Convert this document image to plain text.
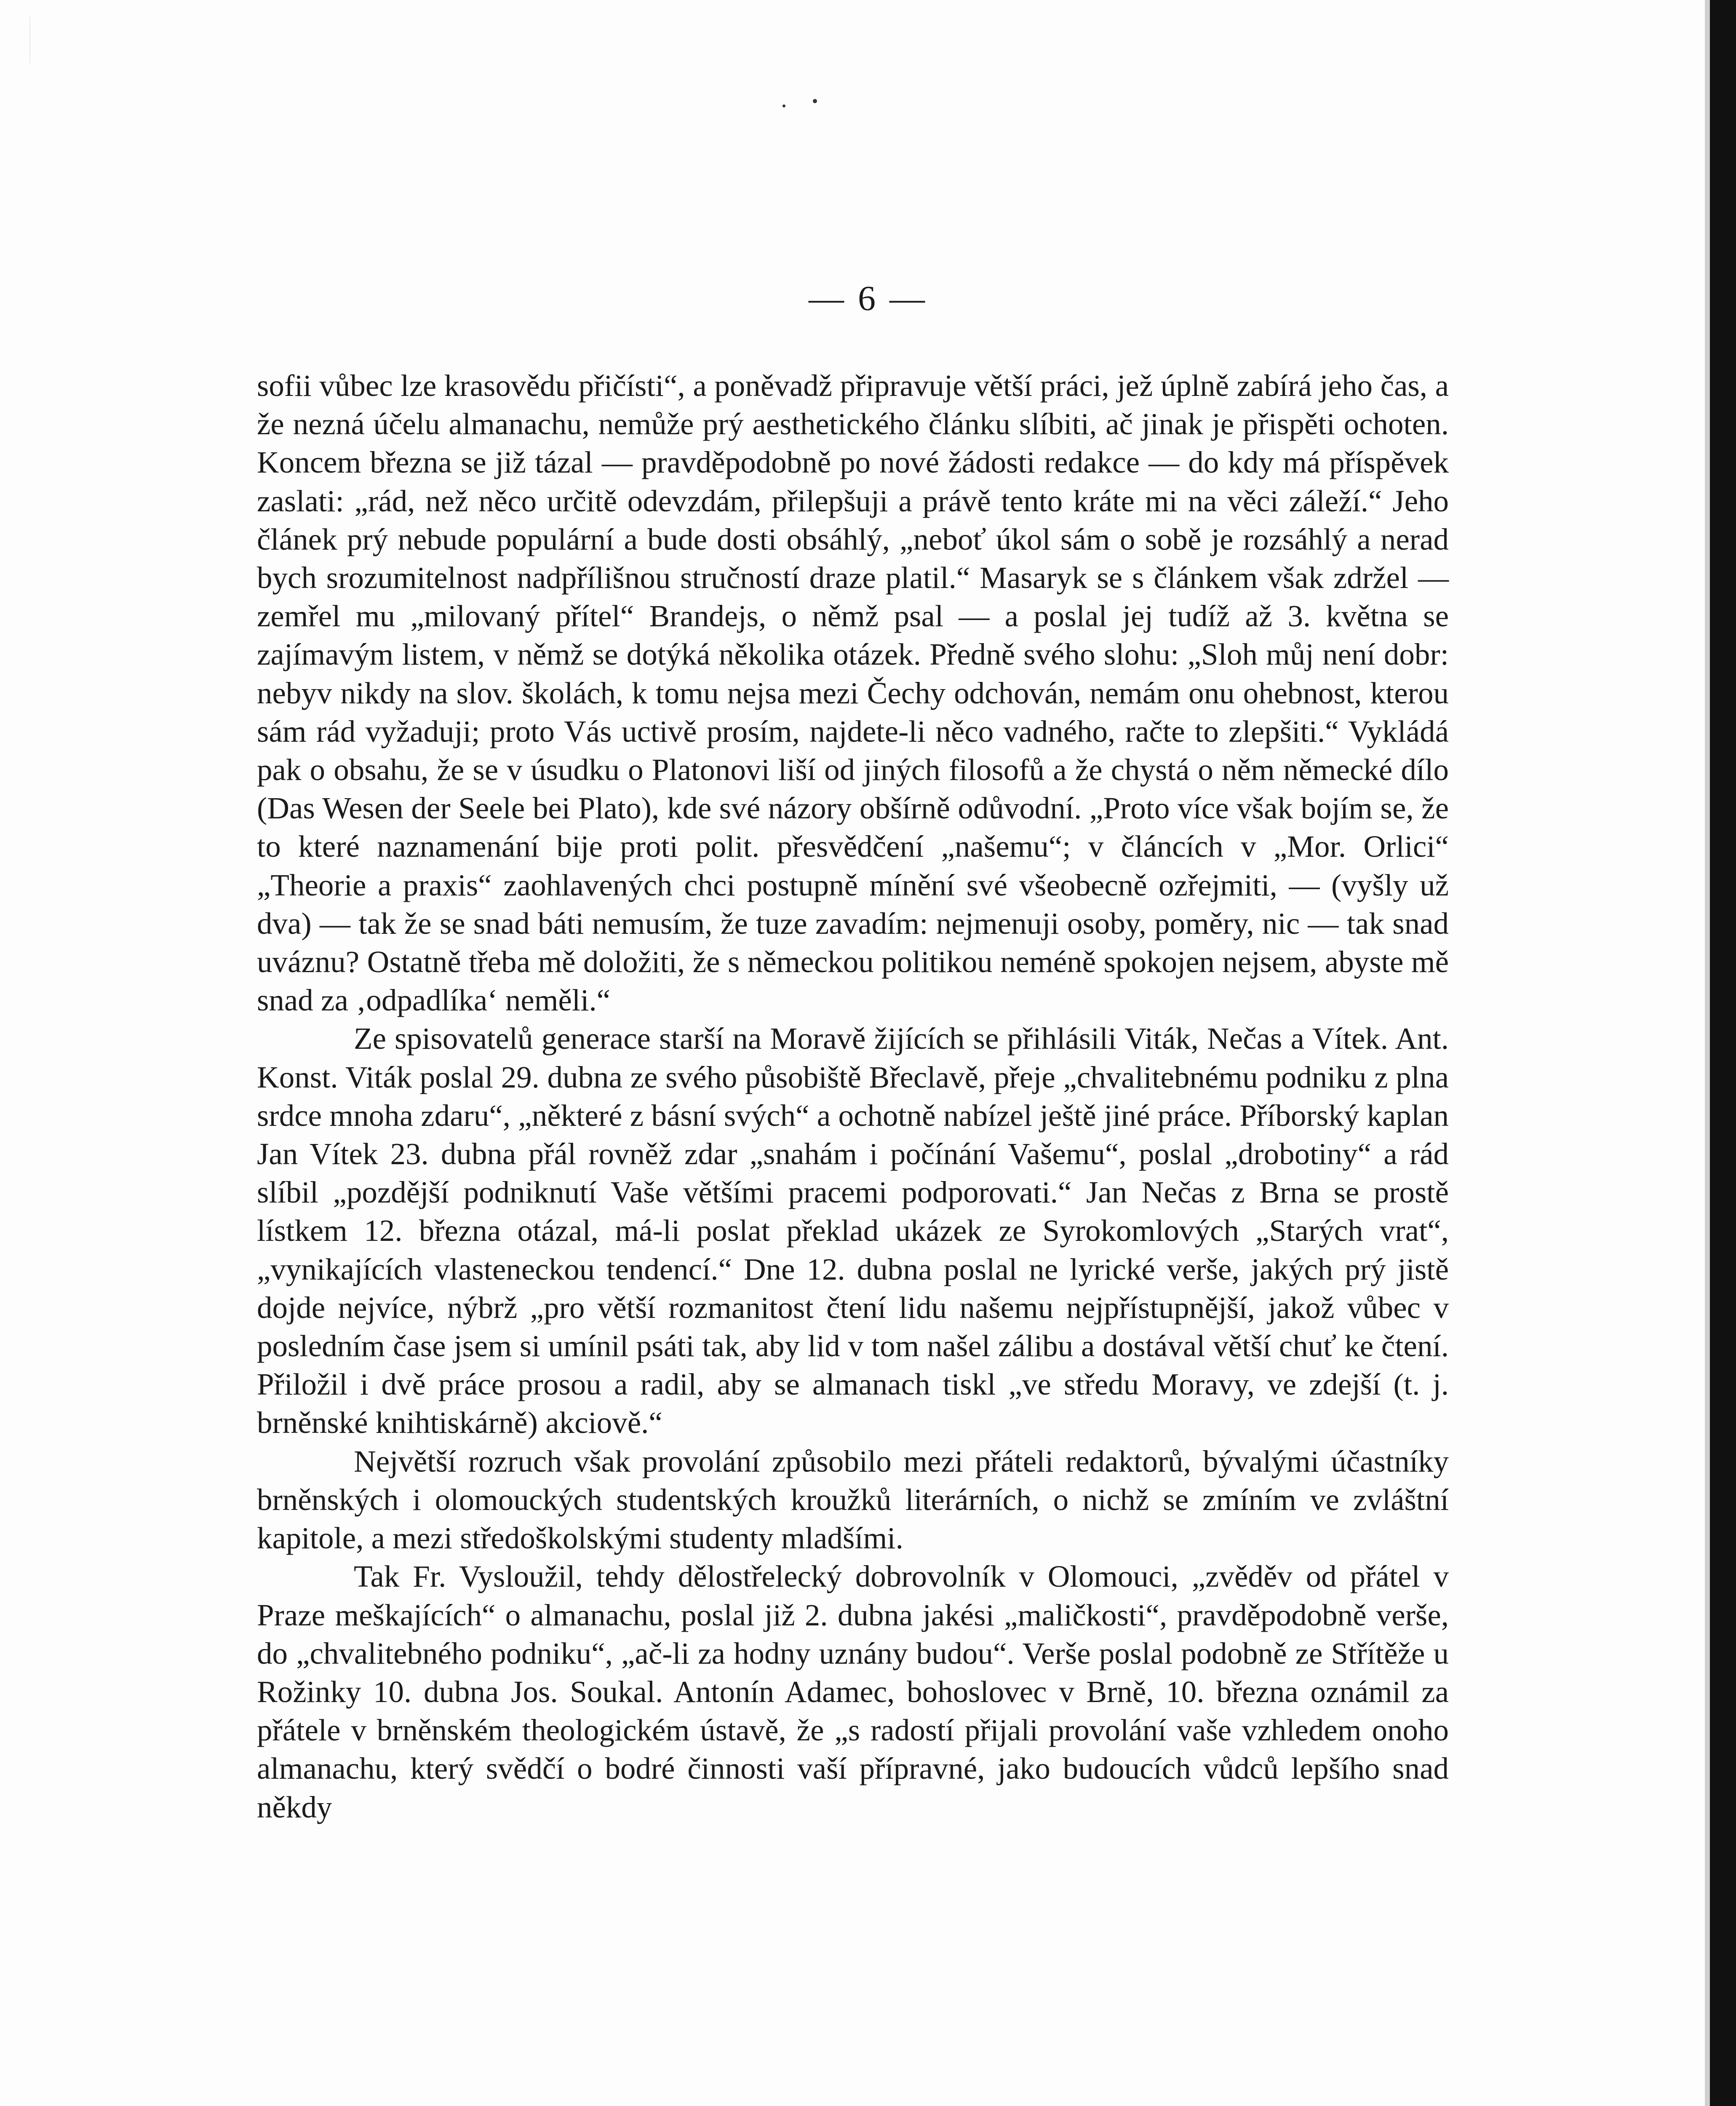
— 6 —

sofii vůbec lze krasovědu přičísti“, a poněvadž připravuje větší práci, jež úplně zabírá jeho čas, a že nezná účelu almanachu, nemůže prý aesthetického článku slíbiti, ač jinak je přispěti ochoten. Koncem března se již tázal — pravděpodobně po nové žádosti redakce — do kdy má příspěvek zaslati: „rád, než něco určitě odevzdám, přilepšuji a právě tento kráte mi na věci záleží.“ Jeho článek prý nebude populární a bude dosti obsáhlý, „neboť úkol sám o sobě je rozsáhlý a nerad bych srozumitelnost nadpřílišnou stručností draze platil.“ Masaryk se s článkem však zdržel — zemřel mu „milovaný přítel“ Brandejs, o němž psal — a poslal jej tudíž až 3. května se zajímavým listem, v němž se dotýká několika otázek. Předně svého slohu: „Sloh můj není dobr: nebyv nikdy na slov. školách, k tomu nejsa mezi Čechy odchován, nemám onu ohebnost, kterou sám rád vyžaduji; proto Vás uctivě prosím, najdete-li něco vadného, račte to zlepšiti.“ Vykládá pak o obsahu, že se v úsudku o Platonovi liší od jiných filosofů a že chystá o něm německé dílo (Das Wesen der Seele bei Plato), kde své názory obšírně odůvodní. „Proto více však bojím se, že to které naznamenání bije proti polit. přesvědčení „našemu“; v článcích v „Mor. Orlici“ „Theorie a praxis“ zaohlavených chci postupně mínění své všeobecně ozřejmiti, — (vyšly už dva) — tak že se snad báti nemusím, že tuze zavadím: nejmenuji osoby, poměry, nic — tak snad uváznu? Ostatně třeba mě doložiti, že s německou politikou neméně spokojen nejsem, abyste mě snad za ‚odpadlíka‘ neměli.“

Ze spisovatelů generace starší na Moravě žijících se přihlásili Viták, Nečas a Vítek. Ant. Konst. Viták poslal 29. dubna ze svého působiště Břeclavě, přeje „chvalitebnému podniku z plna srdce mnoha zdaru“, „některé z básní svých“ a ochotně nabízel ještě jiné práce. Příborský kaplan Jan Vítek 23. dubna přál rovněž zdar „snahám i počínání Vašemu“, poslal „drobotiny“ a rád slíbil „pozdější podniknutí Vaše většími pracemi podporovati.“ Jan Nečas z Brna se prostě lístkem 12. března otázal, má-li poslat překlad ukázek ze Syrokomlových „Starých vrat“, „vynikajících vlasteneckou tendencí.“ Dne 12. dubna poslal ne lyrické verše, jakých prý jistě dojde nejvíce, nýbrž „pro větší rozmanitost čtení lidu našemu nejpřístupnější, jakož vůbec v posledním čase jsem si umínil psáti tak, aby lid v tom našel zálibu a dostával větší chuť ke čtení. Přiložil i dvě práce prosou a radil, aby se almanach tiskl „ve středu Moravy, ve zdejší (t. j. brněnské knihtiskárně) akciově.“

Největší rozruch však provolání způsobilo mezi přáteli redaktorů, bývalými účastníky brněnských i olomouckých studentských kroužků literárních, o nichž se zmíním ve zvláštní kapitole, a mezi středoškolskými studenty mladšími.

Tak Fr. Vysloužil, tehdy dělostřelecký dobrovolník v Olomouci, „zvěděv od přátel v Praze meškajících“ o almanachu, poslal již 2. dubna jakési „maličkosti“, pravděpodobně verše, do „chvalitebného podniku“, „ač-li za hodny uznány budou“. Verše poslal podobně ze Střítěže u Rožinky 10. dubna Jos. Soukal. Antonín Adamec, bohoslovec v Brně, 10. března oznámil za přátele v brněnském theologickém ústavě, že „s radostí přijali provolání vaše vzhledem onoho almanachu, který svědčí o bodré činnosti vaší přípravné, jako budoucích vůdců lepšího snad někdy
